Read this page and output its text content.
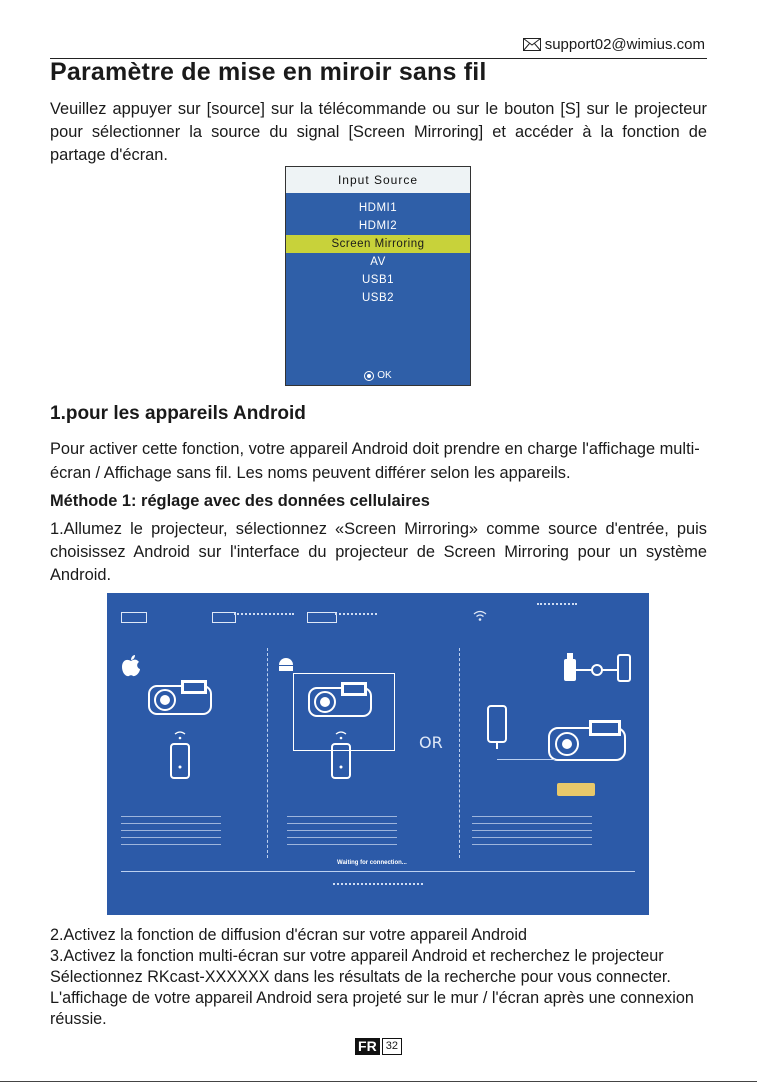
support02@wimius.com
Paramètre de mise en miroir sans fil

Veuillez appuyer sur [source] sur la télécommande ou sur le bouton [S] sur le projecteur pour sélectionner la source du signal [Screen Mirroring] et accéder à la fonction de partage d'écran.

Input Source
HDMI1
HDMI2
Screen Mirroring
AV
USB1
USB2
OK
1.pour les appareils Android

Pour activer cette fonction, votre appareil Android doit prendre en charge l'affichage multi-écran / Affichage sans fil. Les noms peuvent différer selon les appareils.

Méthode 1: réglage avec des données cellulaires

1.Allumez le projecteur, sélectionnez «Screen Mirroring» comme source d'entrée, puis choisissez Android sur l'interface du projecteur de Screen Mirroring pour un système Android.

OR
Waiting for connection...
2.Activez la fonction de diffusion d'écran sur votre appareil Android
3.Activez la fonction multi-écran sur votre appareil Android et recherchez le projecteur Sélectionnez RKcast-XXXXXX dans les résultats de la recherche pour vous connecter. L'affichage de votre appareil Android sera projeté sur le mur / l'écran après une connexion réussie.
FR 32
